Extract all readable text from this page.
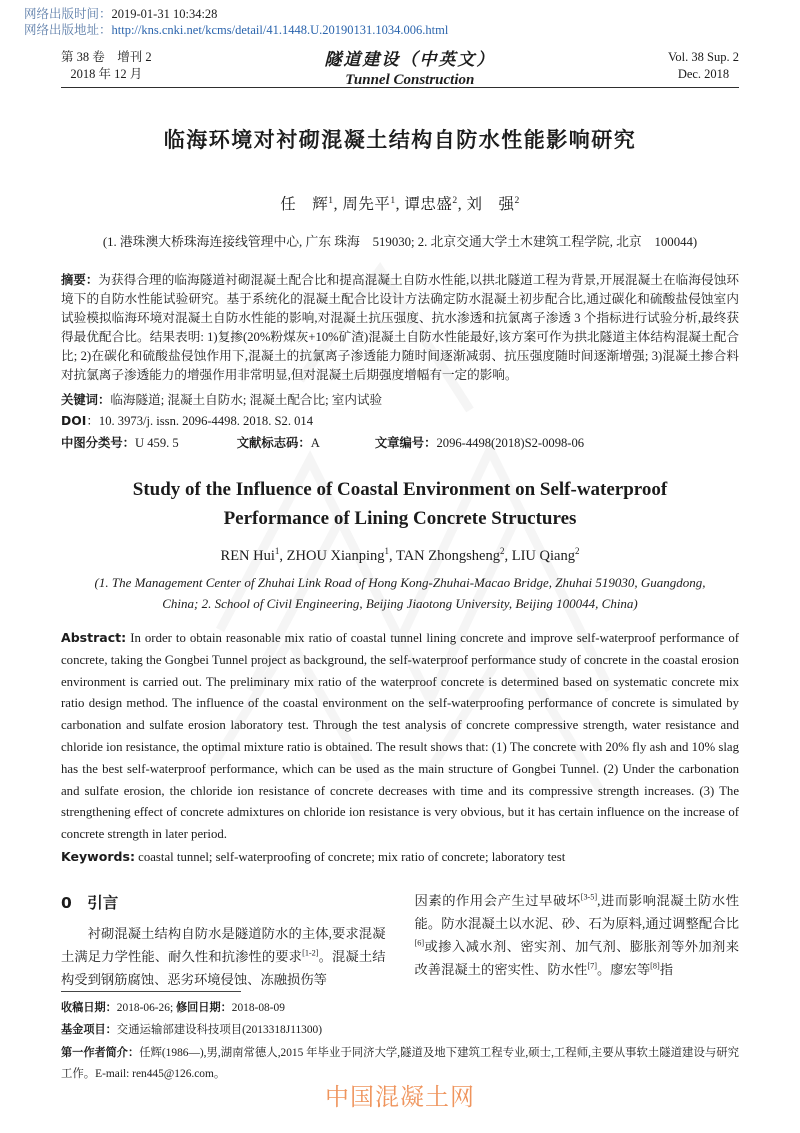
网络出版时间：2019-01-31 10:34:28
网络出版地址：http://kns.cnki.net/kcms/detail/41.1448.U.20190131.1034.006.html
第 38 卷　增刊 2
2018 年 12 月
隧道建设（中英文）
Tunnel Construction
Vol. 38 Sup. 2
Dec. 2018
临海环境对衬砌混凝土结构自防水性能影响研究
任　辉$^1$, 周先平$^1$, 谭忠盛$^2$, 刘　强$^2$
(1. 港珠澳大桥珠海连接线管理中心, 广东 珠海　519030; 2. 北京交通大学土木建筑工程学院, 北京　100044)

摘要：为获得合理的临海隧道衬砌混凝土配合比和提高混凝土自防水性能,以拱北隧道工程为背景,开展混凝土在临海侵蚀环境下的自防水性能试验研究。基于系统化的混凝土配合比设计方法确定防水混凝土初步配合比,通过碳化和硫酸盐侵蚀室内试验模拟临海环境对混凝土自防水性能的影响,对混凝土抗压强度、抗水渗透和抗氯离子渗透 3 个指标进行试验分析,最终获得最优配合比。结果表明: 1)复掺(20%粉煤灰+10%矿渣)混凝土自防水性能最好,该方案可作为拱北隧道主体结构混凝土配合比; 2)在碳化和硫酸盐侵蚀作用下,混凝土的抗氯离子渗透能力随时间逐渐减弱、抗压强度随时间逐渐增强; 3)混凝土掺合料对抗氯离子渗透能力的增强作用非常明显,但对混凝土后期强度增幅有一定的影响。

关键词：临海隧道; 混凝土自防水; 混凝土配合比; 室内试验

DOI：10. 3973/j. issn. 2096-4498. 2018. S2. 014

中图分类号：U 459. 5	文献标志码：A	文章编号：2096-4498(2018)S2-0098-06

Study of the Influence of Coastal Environment on Self-waterproof
Performance of Lining Concrete Structures
REN Hui$^1$, ZHOU Xianping$^1$, TAN Zhongsheng$^2$, LIU Qiang$^2$
(1. The Management Center of Zhuhai Link Road of Hong Kong-Zhuhai-Macao Bridge, Zhuhai 519030, Guangdong, China; 2. School of Civil Engineering, Beijing Jiaotong University, Beijing 100044, China)

Abstract: In order to obtain reasonable mix ratio of coastal tunnel lining concrete and improve self-waterproof performance of concrete, taking the Gongbei Tunnel project as background, the self-waterproof performance study of concrete in the coastal erosion environment is carried out. The preliminary mix ratio of the waterproof concrete is determined based on systematic concrete mix ratio design method. The influence of the coastal environment on the self-waterproofing performance of concrete is simulated by carbonation and sulfate erosion laboratory test. Through the test analysis of concrete compressive strength, water resistance and chloride ion resistance, the optimal mixture ratio is obtained. The result shows that: (1) The concrete with 20% fly ash and 10% slag has the best self-waterproof performance, which can be used as the main structure of Gongbei Tunnel. (2) Under the carbonation and sulfate erosion, the chloride ion resistance of concrete decreases with time and its compressive strength increases. (3) The strengthening effect of concrete admixtures on chloride ion resistance is very obvious, but it has certain influence on the increase of concrete strength in later period.

Keywords: coastal tunnel; self-waterproofing of concrete; mix ratio of concrete; laboratory test

0　引言

衬砌混凝土结构自防水是隧道防水的主体,要求混凝土满足力学性能、耐久性和抗渗性的要求[1-2]。混凝土结构受到钢筋腐蚀、恶劣环境侵蚀、冻融损伤等

因素的作用会产生过早破坏[3-5],进而影响混凝土防水性能。防水混凝土以水泥、砂、石为原料,通过调整配合比[6]或掺入减水剂、密实剂、加气剂、膨胀剂等外加剂来改善混凝土的密实性、防水性[7]。廖宏等[8]指

收稿日期：2018-06-26; 修回日期：2018-08-09

基金项目：交通运输部建设科技项目(2013318J11300)

第一作者简介：任辉(1986—),男,湖南常德人,2015 年毕业于同济大学,隧道及地下建筑工程专业,硕士,工程师,主要从事软土隧道建设与研究工作。E-mail: ren445@126.com。

中国混凝土网
